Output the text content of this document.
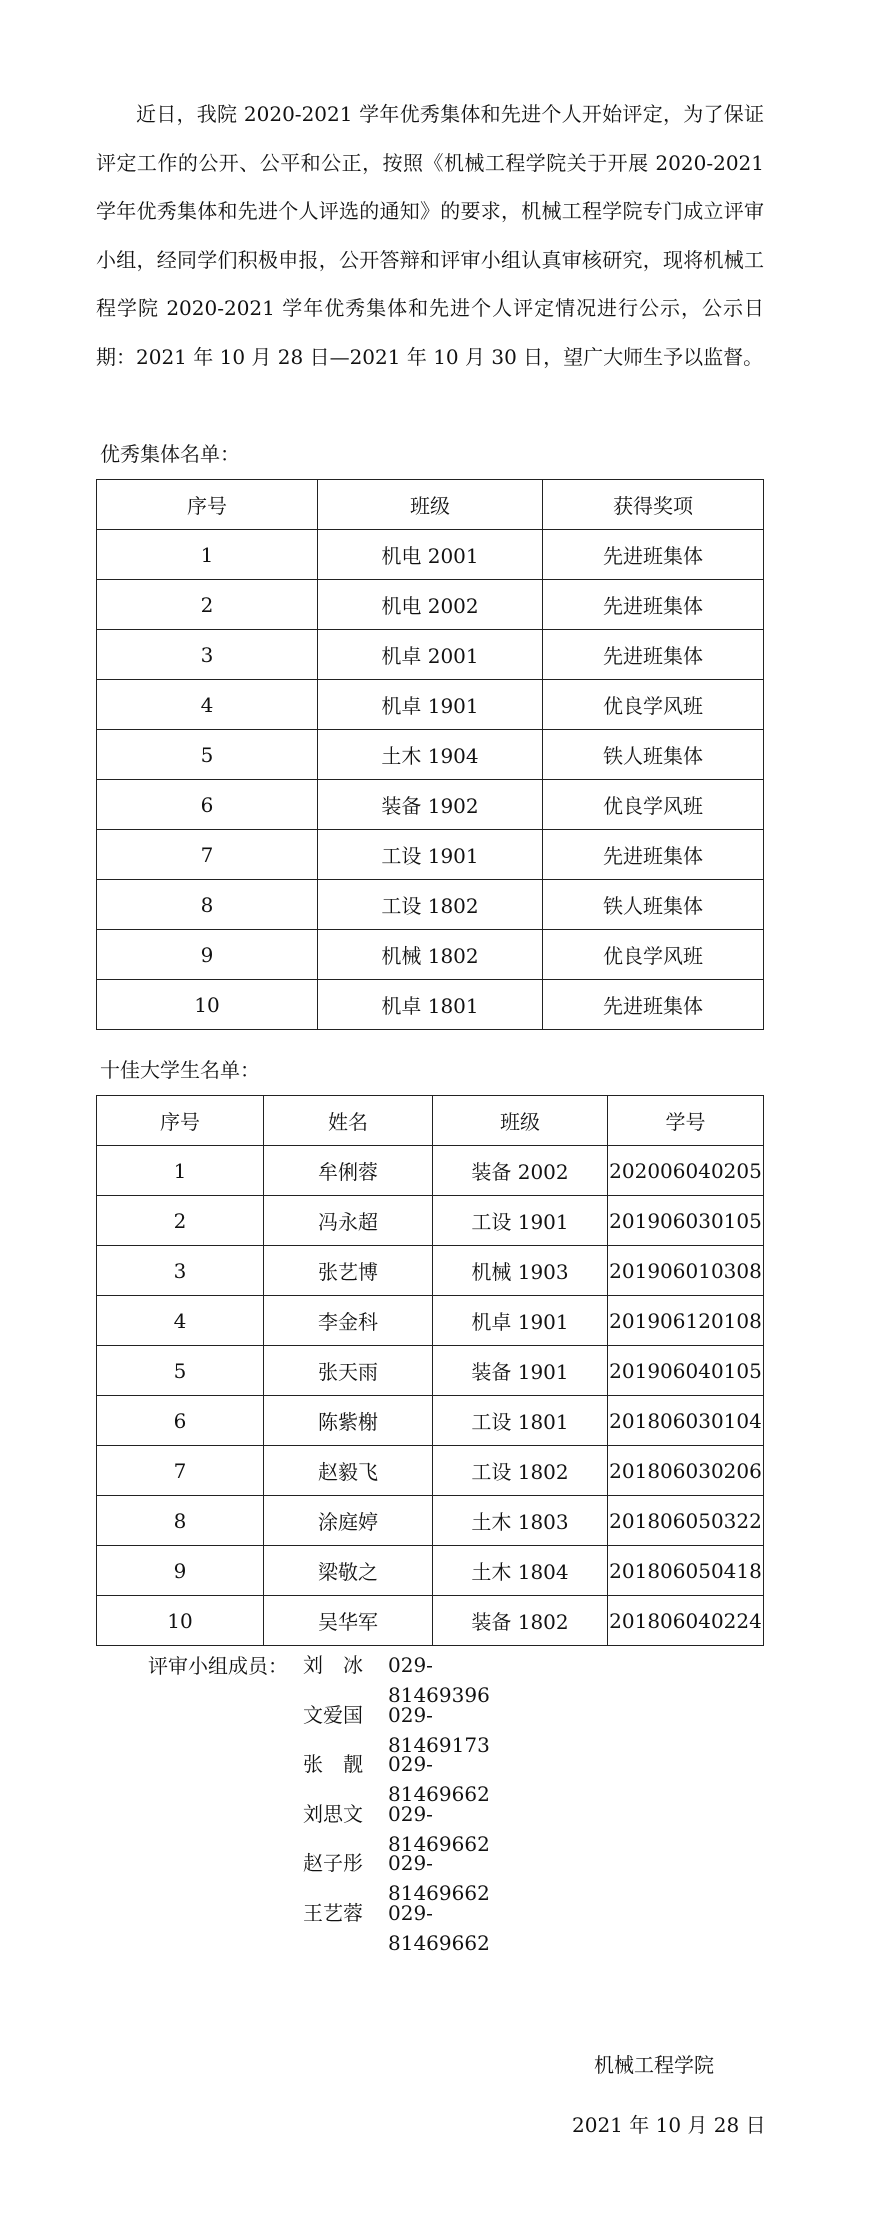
近日，我院 2020-2021 学年优秀集体和先进个人开始评定，为了保证评定工作的公开、公平和公正，按照《机械工程学院关于开展 2020-2021 学年优秀集体和先进个人评选的通知》的要求，机械工程学院专门成立评审小组，经同学们积极申报，公开答辩和评审小组认真审核研究，现将机械工程学院 2020-2021 学年优秀集体和先进个人评定情况进行公示，公示日期：2021 年 10 月 28 日—2021 年 10 月 30 日，望广大师生予以监督。

优秀集体名单：

序号	班级	获得奖项
1	机电 2001	先进班集体
2	机电 2002	先进班集体
3	机卓 2001	先进班集体
4	机卓 1901	优良学风班
5	土木 1904	铁人班集体
6	装备 1902	优良学风班
7	工设 1901	先进班集体
8	工设 1802	铁人班集体
9	机械 1802	优良学风班
10	机卓 1801	先进班集体

十佳大学生名单：

序号	姓名	班级	学号
1	牟俐蓉	装备 2002	202006040205
2	冯永超	工设 1901	201906030105
3	张艺博	机械 1903	201906010308
4	李金科	机卓 1901	201906120108
5	张天雨	装备 1901	201906040105
6	陈紫榭	工设 1801	201806030104
7	赵毅飞	工设 1802	201806030206
8	涂庭婷	土木 1803	201806050322
9	梁敬之	土木 1804	201806050418
10	吴华军	装备 1802	201806040224
评审小组成员： 刘　冰	029-81469396
文爱国	029-81469173
张　靓	029-81469662
刘思文	029-81469662
赵子彤	029-81469662
王艺蓉	029-81469662
机械工程学院
2021 年 10 月 28 日
